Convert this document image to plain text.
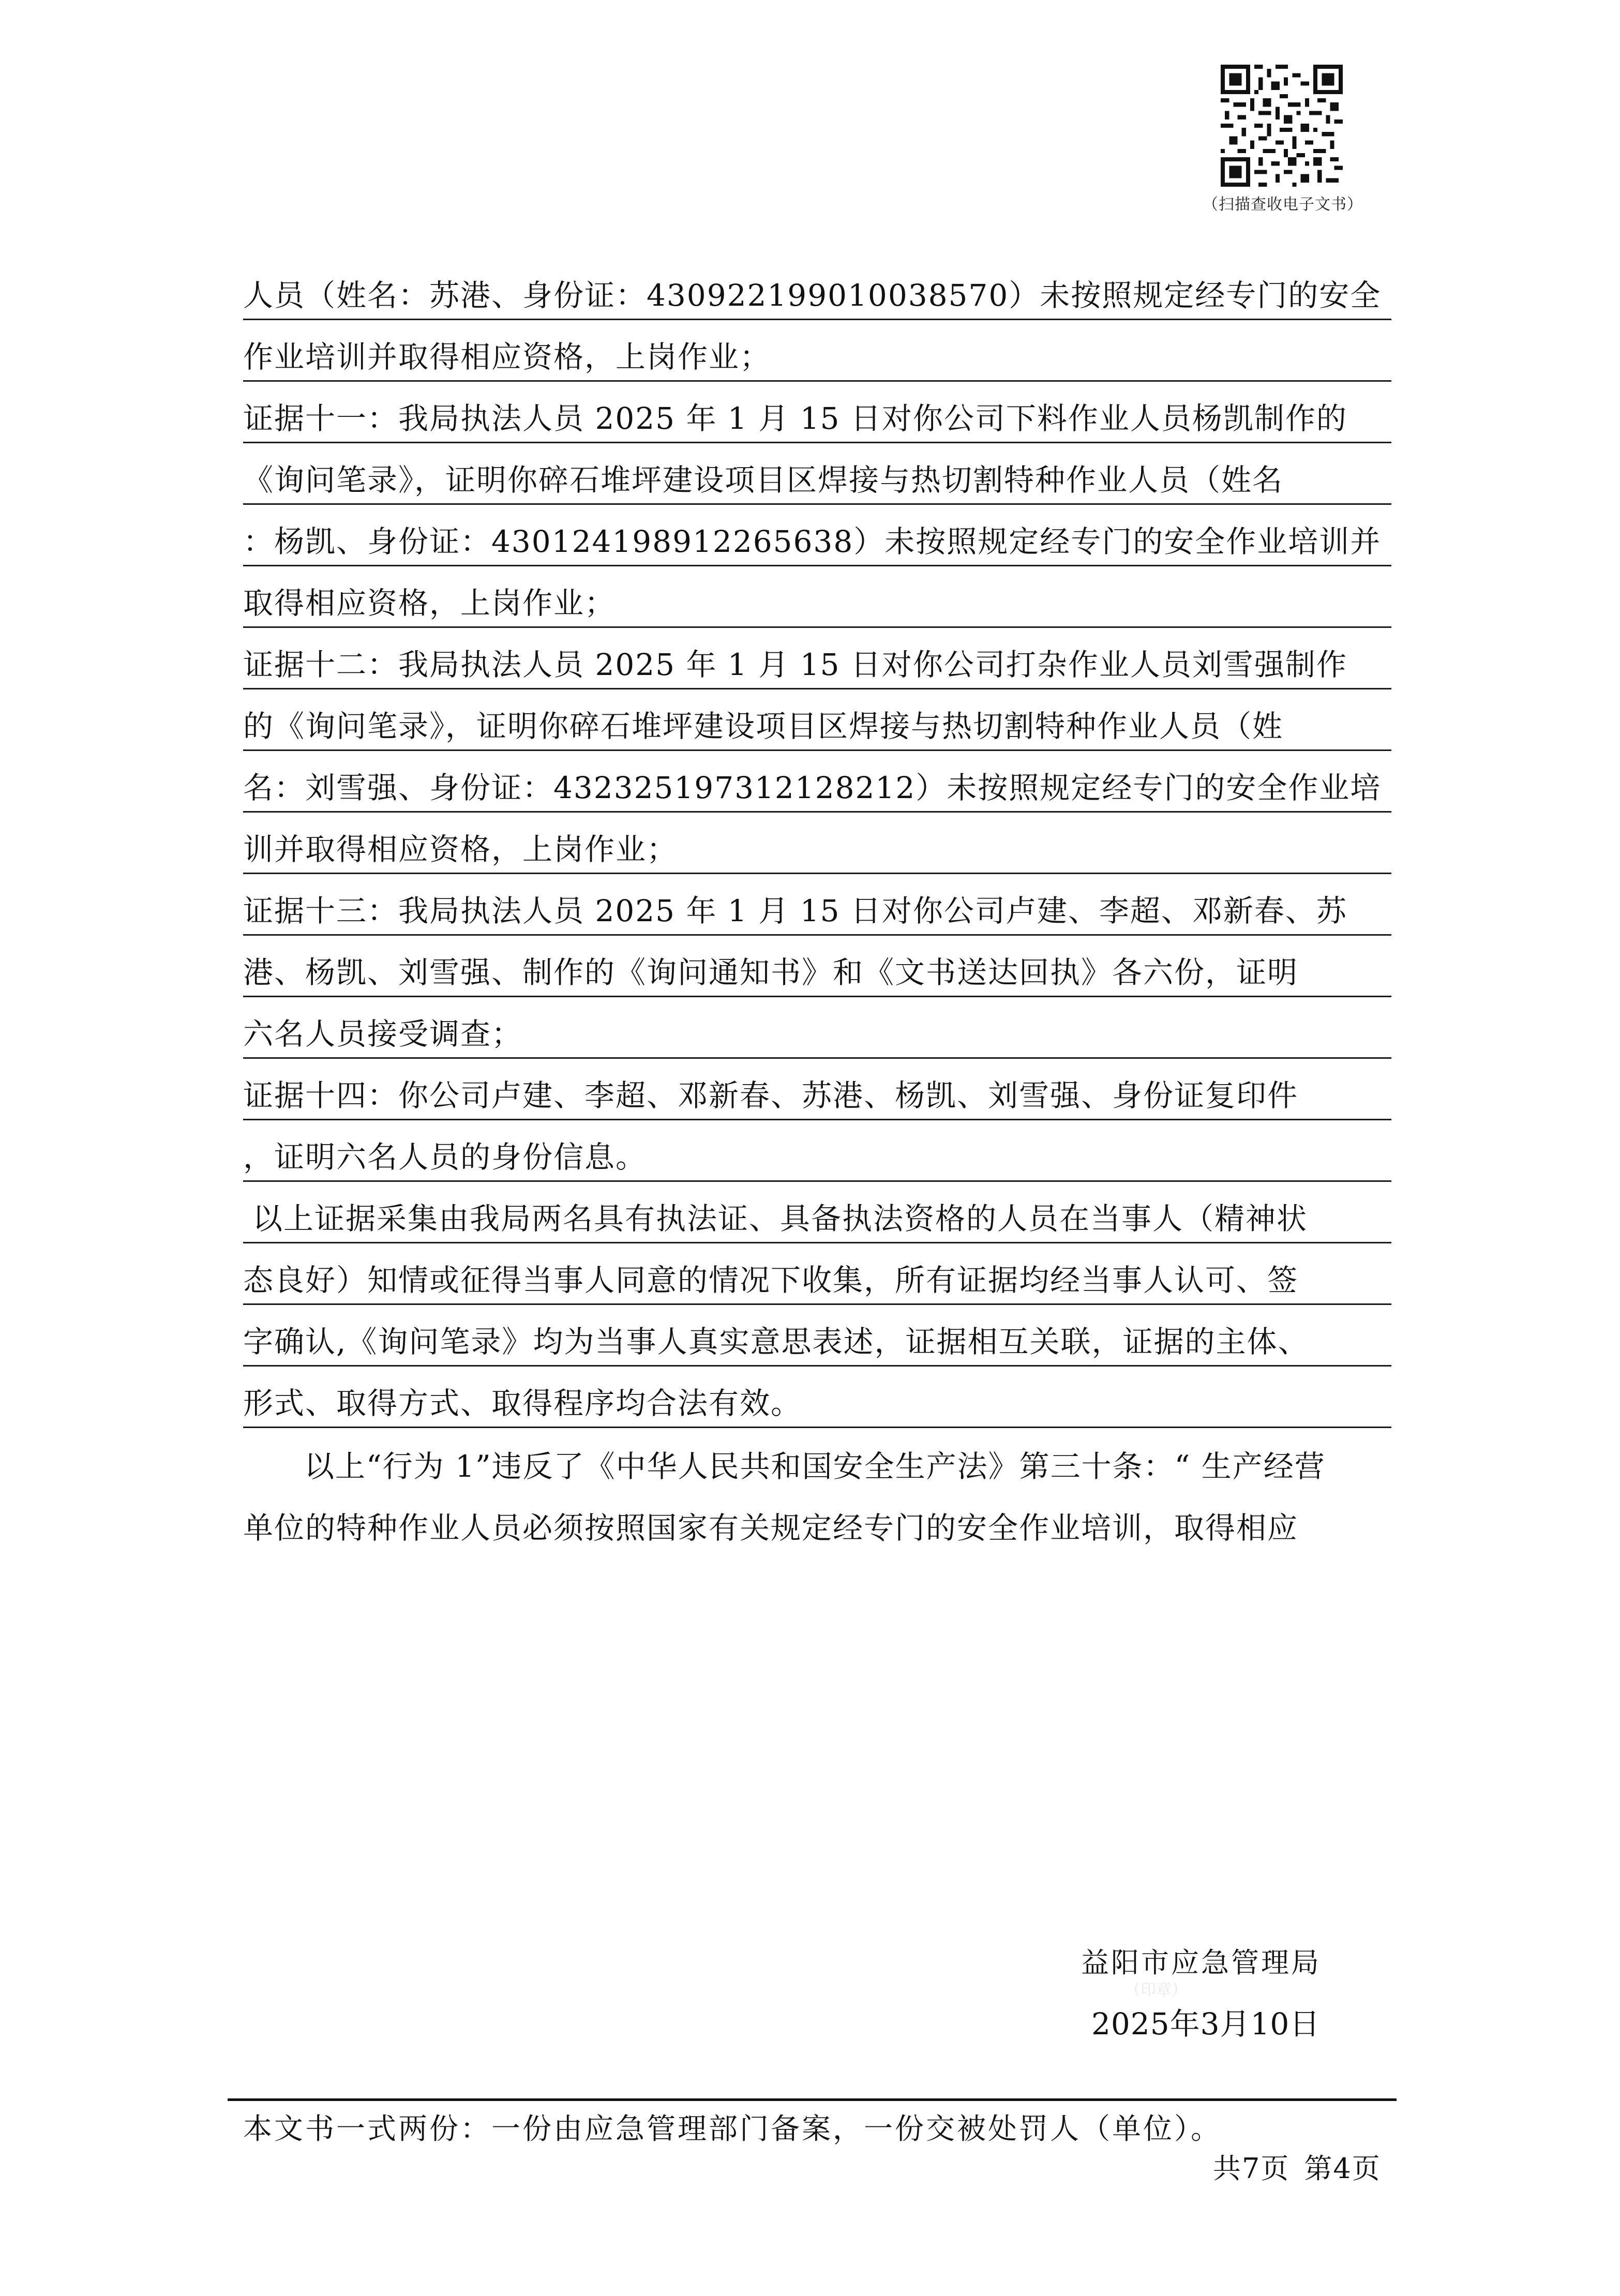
（扫描查收电子文书）
人员（姓名：苏港、身份证：430922199010038570）未按照规定经专门的安全
作业培训并取得相应资格，上岗作业；
证据十一：我局执法人员 2025 年 1 月 15 日对你公司下料作业人员杨凯制作的
《询问笔录》，证明你碎石堆坪建设项目区焊接与热切割特种作业人员（姓名
：杨凯、身份证：430124198912265638）未按照规定经专门的安全作业培训并
取得相应资格，上岗作业；
证据十二：我局执法人员 2025 年 1 月 15 日对你公司打杂作业人员刘雪强制作
的《询问笔录》，证明你碎石堆坪建设项目区焊接与热切割特种作业人员（姓
名：刘雪强、身份证：432325197312128212）未按照规定经专门的安全作业培
训并取得相应资格，上岗作业；
证据十三：我局执法人员 2025 年 1 月 15 日对你公司卢建、李超、邓新春、苏
港、杨凯、刘雪强、制作的《询问通知书》和《文书送达回执》各六份，证明
六名人员接受调查；
证据十四：你公司卢建、李超、邓新春、苏港、杨凯、刘雪强、身份证复印件
，证明六名人员的身份信息。
以上证据采集由我局两名具有执法证、具备执法资格的人员在当事人（精神状
态良好）知情或征得当事人同意的情况下收集，所有证据均经当事人认可、签
字确认,《询问笔录》均为当事人真实意思表述，证据相互关联，证据的主体、
形式、取得方式、取得程序均合法有效。
以上“行为 1”违反了《中华人民共和国安全生产法》第三十条：“ 生产经营
单位的特种作业人员必须按照国家有关规定经专门的安全作业培训，取得相应
益阳市应急管理局
（印章）
2025年3月10日
本文书一式两份：一份由应急管理部门备案，一份交被处罚人（单位）。
共7页 第4页
